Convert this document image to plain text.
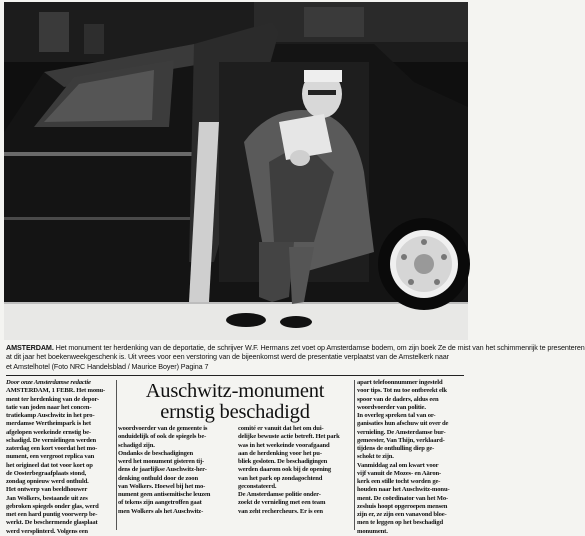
AMSTERDAM. Het monument ter herdenking van de deportatie, de schrijver W.F. Hermans zet voet op Amsterdamse bodem, om zijn boek Ze de mist van het schimmenrijk te presenteren
at dit jaar het boekenweekgeschenk is. Uit vrees voor een verstoring van de bijeenkomst werd de presentatie verplaatst van de Amstelkerk naar
et Amstelhotel (Foto NRC Handelsblad / Maurice Boyer) Pagina 7
Auschwitz-monument
ernstig beschadigd
Door onze Amsterdamse redactie
AMSTERDAM, 1 FEBR. Het monu-
ment ter herdenking van de depor-
tatie van joden naar het concen-
tratiekamp Auschwitz in het pro-
merdamse Wertheimpark is het
afgelopen weekeinde ernstig be-
schadigd. De vernielingen werden
zaterdag een kort voordat het mo-
nument, een vergroot replica van
het origineel dat tot voor kort op
de Oosterbegraafplaats stond,
zondag opnieuw werd onthuld.
Het ontwerp van beeldhouwer
Jan Wolkers, bestaande uit zes
gebroken spiegels onder glas, werd
met een hard puntig voorwerp be-
werkt. De beschermende glasplaat
werd versplinterd. Volgens een
woordvoerder van de gemeente is
onduidelijk of ook de spiegels be-
schadigd zijn.
Ondanks de beschadigingen
werd het monument gisteren tij-
dens de jaarlijkse Auschwitz-her-
denking onthuld door de zoon
van Wolkers. Hoewel bij het mo-
nument geen antisemitische leuzen
of tekens zijn aangetroffen gaat
men Wolkers als het Auschwitz-
comité er vanuit dat het om dui-
delijke bewuste actie betreft. Het park
was in het weekeinde voorafgaand
aan de herdenking voor het pu-
bliek gesloten. De beschadigingen
werden daarom ook bij de opening
van het park op zondagochtend
geconstateerd.
De Amsterdamse politie onder-
zoekt de vernieling met een team
van zeht rechercheurs. Er is een
apart telefoonnummer ingesteld
voor tips. Tot nu toe ontbreekt elk
spoor van de daders, aldus een
woordvoerder van politie.
In overleg spreken tal van or-
ganisaties hun afschuw uit over de
vernieling. De Amsterdamse bur-
gemeester, Van Thijn, verklaard-
tijdens de onthulling diep ge-
schokt te zijn.
Vanmiddag zal om kwart voor
vijf vanuit de Mozes- en Aäron-
kerk een stille tocht worden ge-
houden naar het Auschwitz-monu-
ment. De coördinator van het Mo-
zeshuis hoopt opgeroepen mensen
zijn er, ze zijn een vanavond bloe-
men te leggen op het beschadigd
monument.
